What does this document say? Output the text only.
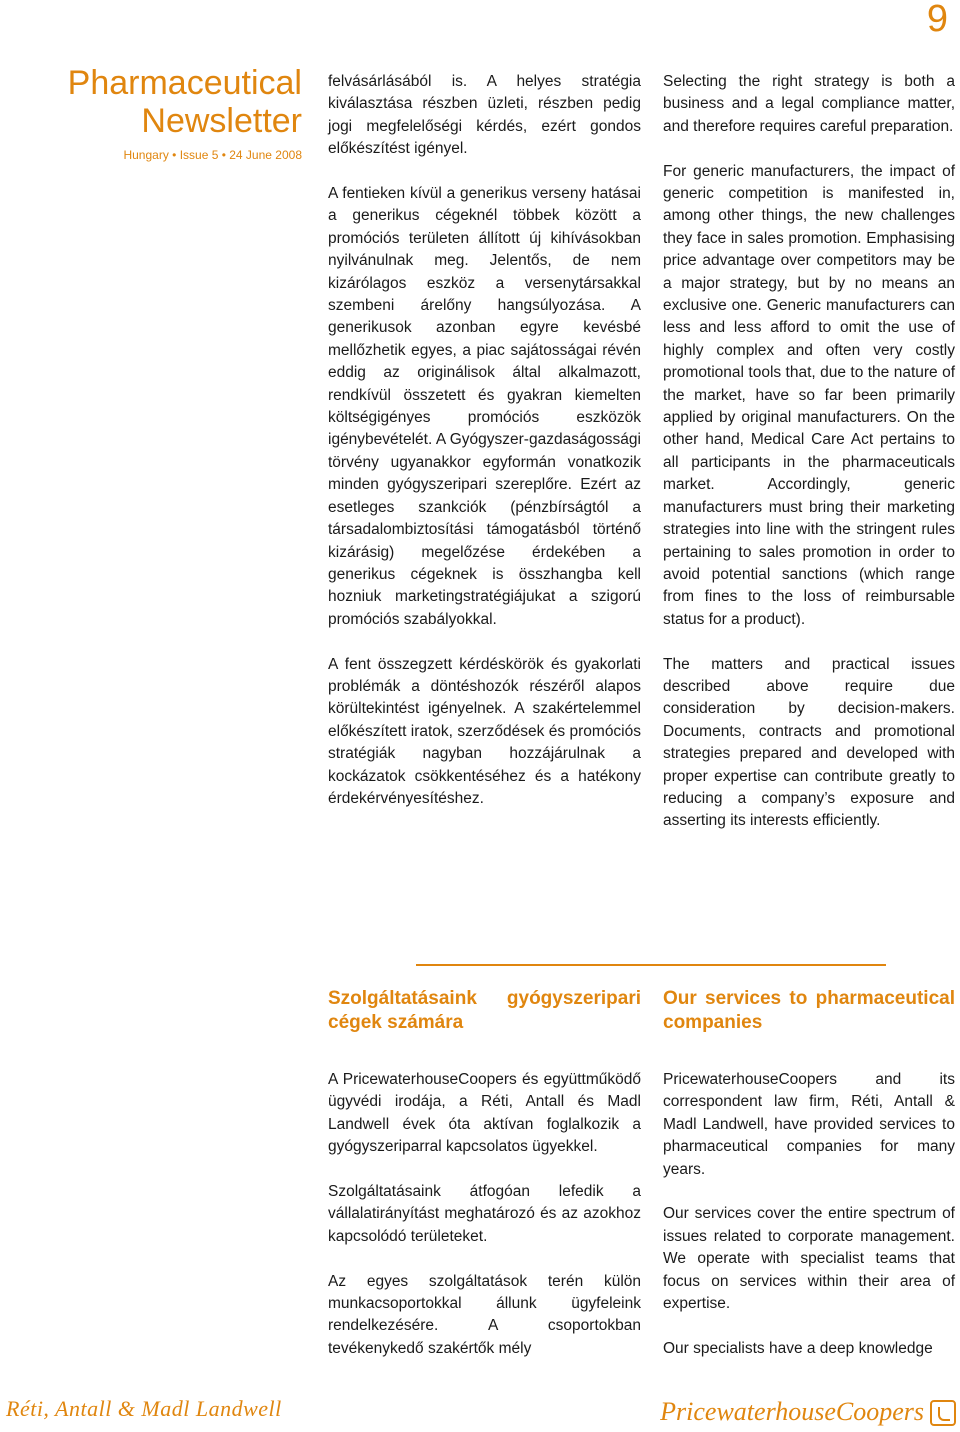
9
Pharmaceutical
Newsletter
Hungary • Issue 5 • 24 June 2008

felvásárlásából is. A helyes stratégia kiválasztása részben üzleti, részben pedig jogi megfelelőségi kérdés, ezért gondos előkészítést igényel.

A fentieken kívül a generikus verseny hatásai a generikus cégeknél többek között a promóciós területen állított új kihívásokban nyilvánulnak meg. Jelentős, de nem kizárólagos eszköz a versenytársakkal szembeni árelőny hangsúlyozása. A generikusok azonban egyre kevésbé mellőzhetik egyes, a piac sajátosságai révén eddig az originálisok által alkalmazott, rendkívül összetett és gyakran kiemelten költségigényes promóciós eszközök igénybevételét. A Gyógyszer-gazdaságossági törvény ugyanakkor egyformán vonatkozik minden gyógyszeripari szereplőre. Ezért az esetleges szankciók (pénzbírságtól a társadalombiztosítási támogatásból történő kizárásig) megelőzése érdekében a generikus cégeknek is összhangba kell hozniuk marketingstratégiájukat a szigorú promóciós szabályokkal.

A fent összegzett kérdéskörök és gyakorlati problémák a döntéshozók részéről alapos körültekintést igényelnek. A szakértelemmel előkészített iratok, szerződések és promóciós stratégiák nagyban hozzájárulnak a kockázatok csökkentéséhez és a hatékony érdekérvényesítéshez.

Selecting the right strategy is both a business and a legal compliance matter, and therefore requires careful preparation.

For generic manufacturers, the impact of generic competition is manifested in, among other things, the new challenges they face in sales promotion. Emphasising price advantage over competitors may be a major strategy, but by no means an exclusive one. Generic manufacturers can less and less afford to omit the use of highly complex and often very costly promotional tools that, due to the nature of the market, have so far been primarily applied by original manufacturers. On the other hand, Medical Care Act pertains to all participants in the pharmaceuticals market. Accordingly, generic manufacturers must bring their marketing strategies into line with the stringent rules pertaining to sales promotion in order to avoid potential sanctions (which range from fines to the loss of reimbursable status for a product).

The matters and practical issues described above require due consideration by decision-makers. Documents, contracts and promotional strategies prepared and developed with proper expertise can contribute greatly to reducing a company’s exposure and asserting its interests efficiently.

Szolgáltatásaink gyógyszeripari cégek számára

A PricewaterhouseCoopers és együttműködő ügyvédi irodája, a Réti, Antall és Madl Landwell évek óta aktívan foglalkozik a gyógyszeriparral kapcsolatos ügyekkel.

Szolgáltatásaink átfogóan lefedik a vállalatirányítást meghatározó és az azokhoz kapcsolódó területeket.

Az egyes szolgáltatások terén külön munkacsoportokkal állunk ügyfeleink rendelkezésére. A csoportokban tevékenykedő szakértők mély

Our services to pharmaceutical companies

PricewaterhouseCoopers and its correspondent law firm, Réti, Antall & Madl Landwell, have provided services to pharmaceutical companies for many years.

Our services cover the entire spectrum of issues related to corporate management. We operate with specialist teams that focus on services within their area of expertise.

Our specialists have a deep knowledge

Réti, Antall & Madl Landwell	PricewaterhouseCoopers
